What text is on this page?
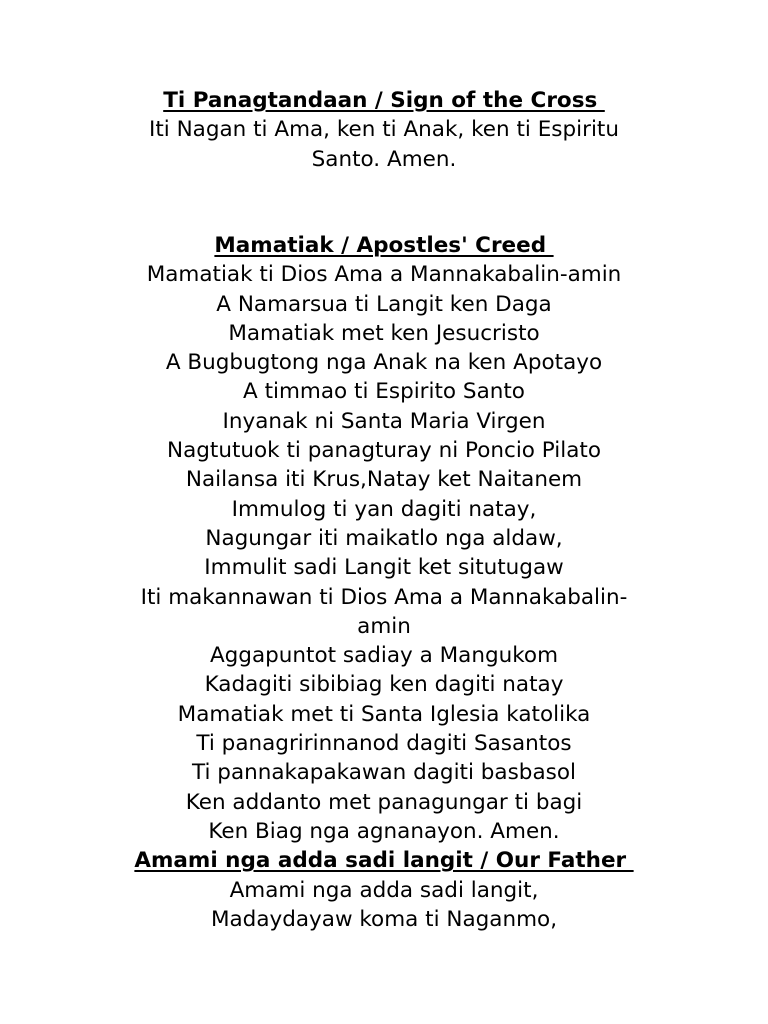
Ti Panagtandaan / Sign of the Cross
Iti Nagan ti Ama, ken ti Anak, ken ti Espiritu
Santo. Amen.
Mamatiak / Apostles' Creed
Mamatiak ti Dios Ama a Mannakabalin-amin
A Namarsua ti Langit ken Daga
Mamatiak met ken Jesucristo
A Bugbugtong nga Anak na ken Apotayo
A timmao ti Espirito Santo
Inyanak ni Santa Maria Virgen
Nagtutuok ti panagturay ni Poncio Pilato
Nailansa iti Krus,Natay ket Naitanem
Immulog ti yan dagiti natay,
Nagungar iti maikatlo nga aldaw,
Immulit sadi Langit ket situtugaw
Iti makannawan ti Dios Ama a Mannakabalin-
amin
Aggapuntot sadiay a Mangukom
Kadagiti sibibiag ken dagiti natay
Mamatiak met ti Santa Iglesia katolika
Ti panagririnnanod dagiti Sasantos
Ti pannakapakawan dagiti basbasol
Ken addanto met panagungar ti bagi
Ken Biag nga agnanayon. Amen.
Amami nga adda sadi langit / Our Father
Amami nga adda sadi langit,
Madaydayaw koma ti Naganmo,
